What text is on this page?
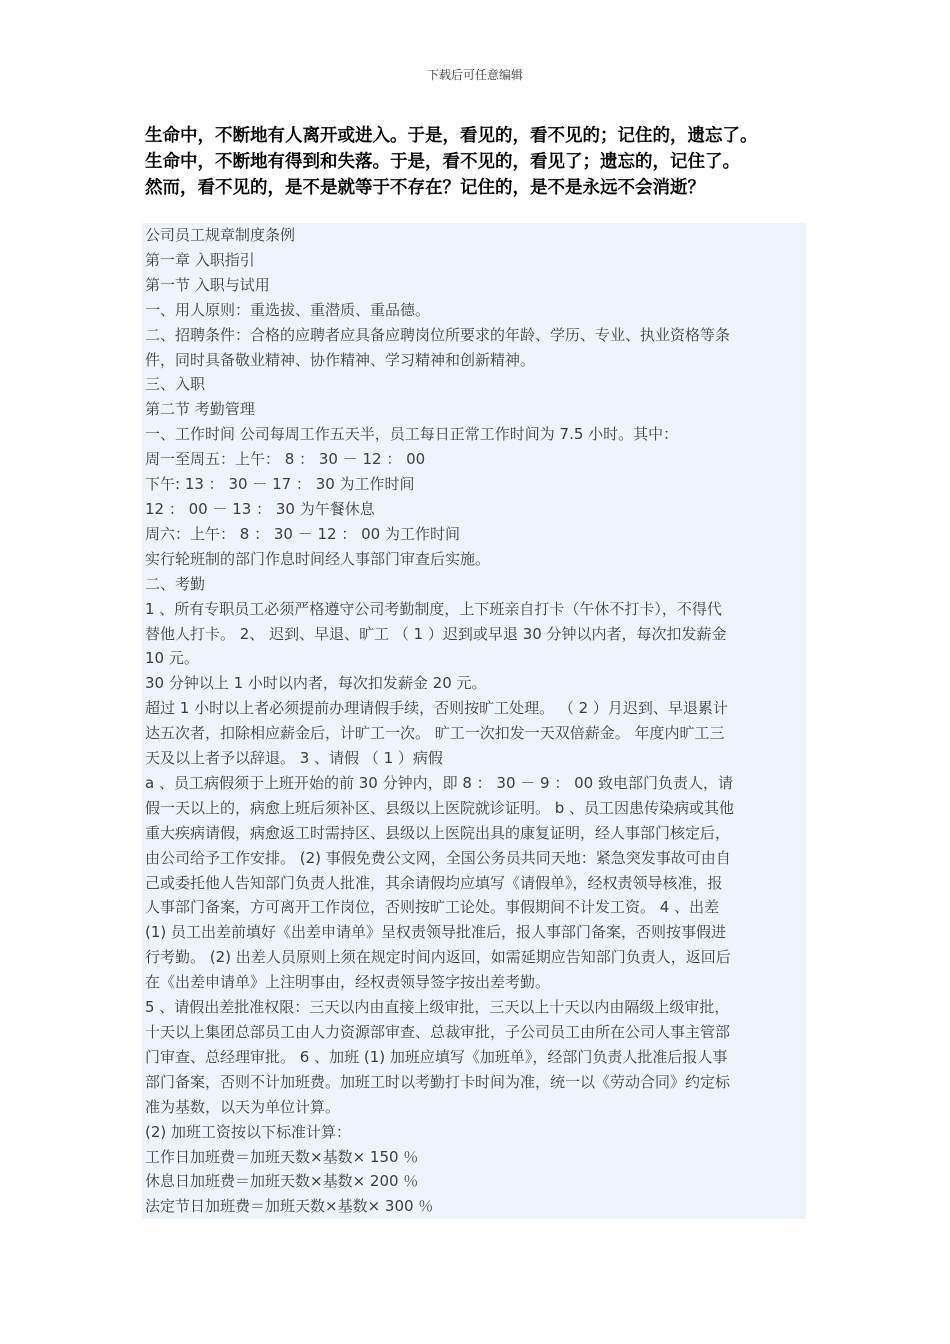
下载后可任意编辑
生命中，不断地有人离开或进入。于是，看见的，看不见的；记住的，遗忘了。
生命中，不断地有得到和失落。于是，看不见的，看见了；遗忘的，记住了。
然而，看不见的，是不是就等于不存在？记住的，是不是永远不会消逝？
公司员工规章制度条例
第一章 入职指引
第一节 入职与试用
一、用人原则：重选拔、重潜质、重品德。
二、招聘条件：合格的应聘者应具备应聘岗位所要求的年龄、学历、专业、执业资格等条
件，同时具备敬业精神、协作精神、学习精神和创新精神。
三、入职
第二节 考勤管理
一、工作时间 公司每周工作五天半，员工每日正常工作时间为 7.5 小时。其中：
周一至周五：上午： 8 ： 30 － 12 ： 00
下午: 13 ： 30 － 17 ： 30 为工作时间
12 ： 00 － 13 ： 30 为午餐休息
周六：上午： 8 ： 30 － 12 ： 00 为工作时间
实行轮班制的部门作息时间经人事部门审查后实施。
二、考勤
1 、所有专职员工必须严格遵守公司考勤制度，上下班亲自打卡（午休不打卡），不得代
替他人打卡。 2、 迟到、早退、旷工 （ 1 ）迟到或早退 30 分钟以内者，每次扣发薪金
10 元。
30 分钟以上 1 小时以内者，每次扣发薪金 20 元。
超过 1 小时以上者必须提前办理请假手续，否则按旷工处理。 （ 2 ）月迟到、早退累计
达五次者，扣除相应薪金后，计旷工一次。 旷工一次扣发一天双倍薪金。 年度内旷工三
天及以上者予以辞退。 3 、请假 （ 1 ）病假
a 、员工病假须于上班开始的前 30 分钟内，即 8 ： 30 － 9 ： 00 致电部门负责人，请
假一天以上的，病愈上班后须补区、县级以上医院就诊证明。 b 、员工因患传染病或其他
重大疾病请假，病愈返工时需持区、县级以上医院出具的康复证明，经人事部门核定后，
由公司给予工作安排。 (2) 事假免费公文网，全国公务员共同天地：紧急突发事故可由自
己或委托他人告知部门负责人批准，其余请假均应填写《请假单》，经权责领导核准，报
人事部门备案，方可离开工作岗位，否则按旷工论处。事假期间不计发工资。 4 、出差
(1) 员工出差前填好《出差申请单》呈权责领导批准后，报人事部门备案，否则按事假进
行考勤。 (2) 出差人员原则上须在规定时间内返回，如需延期应告知部门负责人，返回后
在《出差申请单》上注明事由，经权责领导签字按出差考勤。
5 、请假出差批准权限：三天以内由直接上级审批，三天以上十天以内由隔级上级审批，
十天以上集团总部员工由人力资源部审查、总裁审批，子公司员工由所在公司人事主管部
门审查、总经理审批。 6 、加班 (1) 加班应填写《加班单》，经部门负责人批准后报人事
部门备案，否则不计加班费。加班工时以考勤打卡时间为准，统一以《劳动合同》约定标
准为基数，以天为单位计算。
(2) 加班工资按以下标准计算：
工作日加班费＝加班天数×基数× 150 ％
休息日加班费＝加班天数×基数× 200 ％
法定节日加班费＝加班天数×基数× 300 ％
